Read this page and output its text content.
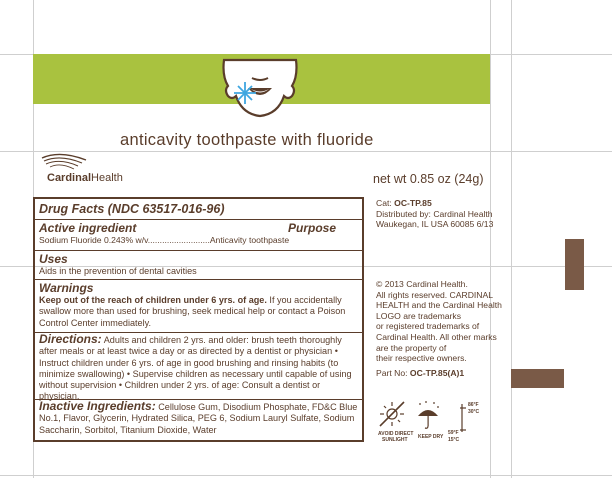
anticavity toothpaste with fluoride
CardinalHealth	net wt 0.85 oz (24g)
Cat: OC-TP.85
Distributed by: Cardinal Health
Waukegan, IL USA 60085 6/13
© 2013 Cardinal Health.
All rights reserved. CARDINAL
HEALTH and the Cardinal Health
LOGO are trademarks
or registered trademarks of
Cardinal Health. All other marks
are the property of
their respective owners.
Part No: OC-TP.85(A)1
Drug Facts (NDC 63517-016-96)
Active ingredient	Purpose
Sodium Fluoride 0.243% w/v..........................Anticavity toothpaste
Uses
Aids in the prevention of dental cavities
Warnings
Keep out of the reach of children under 6 yrs. of age. If you accidentally swallow more than used for brushing, seek medical help or contact a Poison Control Center immediately.
Directions: Adults and children 2 yrs. and older: brush teeth thoroughly after meals or at least twice a day or as directed by a dentist or physician • Instruct children under 6 yrs. of age in good brushing and rinsing habits (to minimize swallowing) • Supervise children as necessary until capable of using without supervision • Children under 2 yrs. of age: Consult a dentist or physician.
Inactive Ingredients: Cellulose Gum, Disodium Phosphate, FD&C Blue No.1, Flavor, Glycerin, Hydrated Silica, PEG 6, Sodium Lauryl Sulfate, Sodium Saccharin, Sorbitol, Titanium Dioxide, Water	AVOID DIRECT
SUNLIGHT KEEP DRY
86°F
30°C
59°F
15°C
